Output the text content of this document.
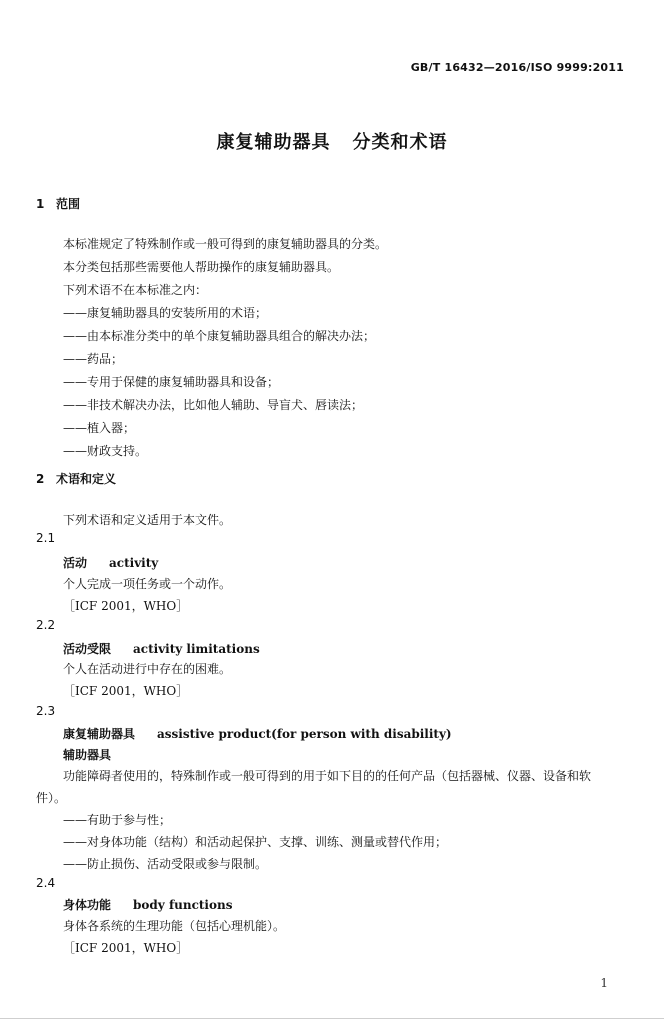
GB/T 16432—2016/ISO 9999:2011
康复辅助器具 分类和术语
1 范围
本标准规定了特殊制作或一般可得到的康复辅助器具的分类。
本分类包括那些需要他人帮助操作的康复辅助器具。
下列术语不在本标准之内：
——康复辅助器具的安装所用的术语；
——由本标准分类中的单个康复辅助器具组合的解决办法；
——药品；
——专用于保健的康复辅助器具和设备；
——非技术解决办法，比如他人辅助、导盲犬、唇读法；
——植入器；
——财政支持。
2 术语和定义
下列术语和定义适用于本文件。
2.1
活动 activity
个人完成一项任务或一个动作。
［ICF 2001，WHO］
2.2
活动受限 activity limitations
个人在活动进行中存在的困难。
［ICF 2001，WHO］
2.3
康复辅助器具 assistive product(for person with disability)
辅助器具
功能障碍者使用的，特殊制作或一般可得到的用于如下目的的任何产品（包括器械、仪器、设备和软
件）。
——有助于参与性；
——对身体功能（结构）和活动起保护、支撑、训练、测量或替代作用；
——防止损伤、活动受限或参与限制。
2.4
身体功能 body functions
身体各系统的生理功能（包括心理机能）。
［ICF 2001，WHO］
1
